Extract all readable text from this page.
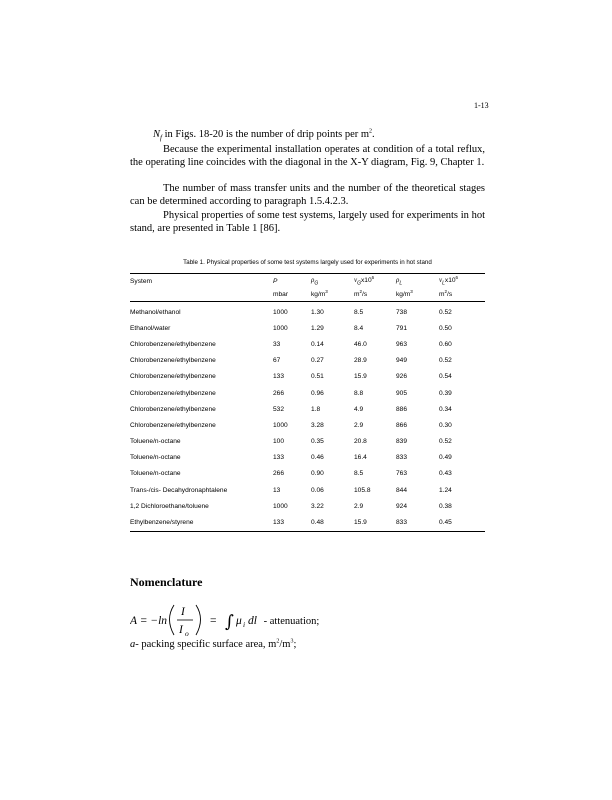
1-13

$N_f$ in Figs. 18-20 is the number of drip points per $m^2$.

Because the experimental installation operates at condition of a total reflux, the operating line coincides with the diagonal in the X-Y diagram, Fig. 9, Chapter 1.

The number of mass transfer units and the number of the theoretical stages can be determined according to paragraph 1.5.4.2.3.

Physical properties of some test systems, largely used for experiments in hot stand, are presented in Table 1 [86].

Table 1. Physical properties of some test systems largely used for experiments in hot stand
System	P	$\rho_G$	$\nu_Gx10^6$	$\rho_L$	$\nu_Lx10^6$
	mbar	$kg/m^3$	$m^2/s$	$kg/m^3$	$m^2/s$
Methanol/ethanol	1000	1.30	8.5	738	0.52
Ethanol/water	1000	1.29	8.4	791	0.50
Chlorobenzene/ethylbenzene	33	0.14	46.0	963	0.60
Chlorobenzene/ethylbenzene	67	0.27	28.9	949	0.52
Chlorobenzene/ethylbenzene	133	0.51	15.9	926	0.54
Chlorobenzene/ethylbenzene	266	0.96	8.8	905	0.39
Chlorobenzene/ethylbenzene	532	1.8	4.9	886	0.34
Chlorobenzene/ethylbenzene	1000	3.28	2.9	866	0.30
Toluene/n-octane	100	0.35	20.8	839	0.52
Toluene/n-octane	133	0.46	16.4	833	0.49
Toluene/n-octane	266	0.90	8.5	763	0.43
Trans-/cis- Decahydronaphtalene	13	0.06	105.8	844	1.24
1,2 Dichloroethane/toluene	1000	3.22	2.9	924	0.38
Ethylbenzene/styrene	133	0.48	15.9	833	0.45
Nomenclature
A = −ln
I
I o
= ∫ μ i dl - attenuation;
a- packing specific surface area, $m^2/m^3$;
